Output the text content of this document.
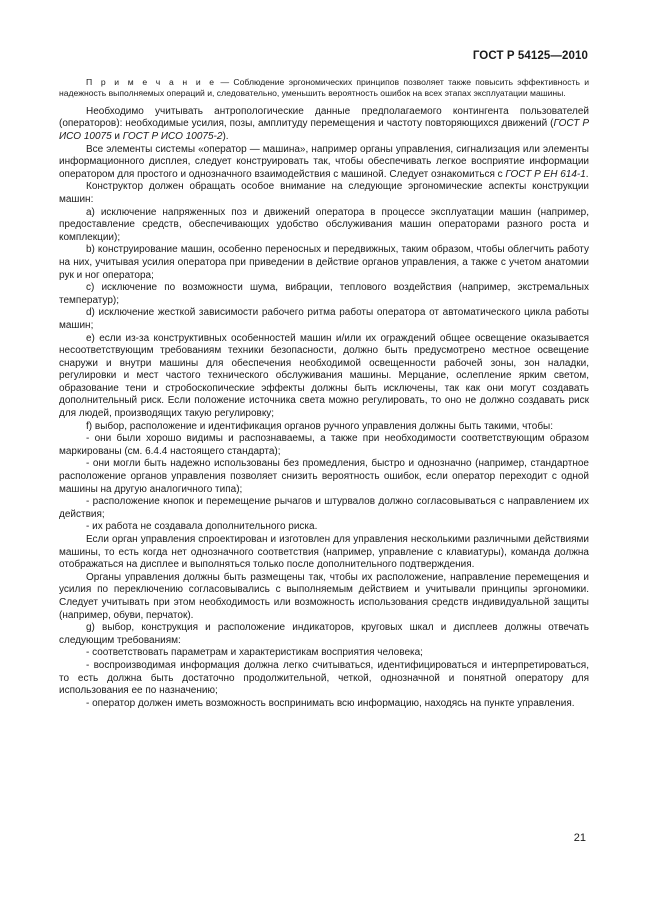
ГОСТ Р 54125—2010

П р и м е ч а н и е — Соблюдение эргономических принципов позволяет также повысить эффективность и надежность выполняемых операций и, следовательно, уменьшить вероятность ошибок на всех этапах эксплуатации машины.

Необходимо учитывать антропологические данные предполагаемого контингента пользователей (операторов): необходимые усилия, позы, амплитуду перемещения и частоту повторяющихся движений (ГОСТ Р ИСО 10075 и ГОСТ Р ИСО 10075-2).

Все элементы системы «оператор — машина», например органы управления, сигнализация или элементы информационного дисплея, следует конструировать так, чтобы обеспечивать легкое восприятие информации оператором для простого и однозначного взаимодействия с машиной. Следует ознакомиться с ГОСТ Р ЕН 614-1.

Конструктор должен обращать особое внимание на следующие эргономические аспекты конструкции машин:

a) исключение напряженных поз и движений оператора в процессе эксплуатации машин (например, предоставление средств, обеспечивающих удобство обслуживания машин операторами разного роста и комплекции);

b) конструирование машин, особенно переносных и передвижных, таким образом, чтобы облегчить работу на них, учитывая усилия оператора при приведении в действие органов управления, а также с учетом анатомии рук и ног оператора;

c) исключение по возможности шума, вибрации, теплового воздействия (например, экстремальных температур);

d) исключение жесткой зависимости рабочего ритма работы оператора от автоматического цикла работы машин;

e) если из-за конструктивных особенностей машин и/или их ограждений общее освещение оказывается несоответствующим требованиям техники безопасности, должно быть предусмотрено местное освещение снаружи и внутри машины для обеспечения необходимой освещенности рабочей зоны, зон наладки, регулировки и мест частого технического обслуживания машины. Мерцание, ослепление ярким светом, образование тени и стробоскопические эффекты должны быть исключены, так как они могут создавать дополнительный риск. Если положение источника света можно регулировать, то оно не должно создавать риск для людей, производящих такую регулировку;

f) выбор, расположение и идентификация органов ручного управления должны быть такими, чтобы:

- они были хорошо видимы и распознаваемы, а также при необходимости соответствующим образом маркированы (см. 6.4.4 настоящего стандарта);

- они могли быть надежно использованы без промедления, быстро и однозначно (например, стандартное расположение органов управления позволяет снизить вероятность ошибок, если оператор переходит с одной машины на другую аналогичного типа);

- расположение кнопок и перемещение рычагов и штурвалов должно согласовываться с направлением их действия;

- их работа не создавала дополнительного риска.

Если орган управления спроектирован и изготовлен для управления несколькими различными действиями машины, то есть когда нет однозначного соответствия (например, управление с клавиатуры), команда должна отображаться на дисплее и выполняться только после дополнительного подтверждения.

Органы управления должны быть размещены так, чтобы их расположение, направление перемещения и усилия по переключению согласовывались с выполняемым действием и учитывали принципы эргономики. Следует учитывать при этом необходимость или возможность использования средств индивидуальной защиты (например, обуви, перчаток).

g) выбор, конструкция и расположение индикаторов, круговых шкал и дисплеев должны отвечать следующим требованиям:

- соответствовать параметрам и характеристикам восприятия человека;

- воспроизводимая информация должна легко считываться, идентифицироваться и интерпретироваться, то есть должна быть достаточно продолжительной, четкой, однозначной и понятной оператору для использования ее по назначению;

- оператор должен иметь возможность воспринимать всю информацию, находясь на пункте управления.

21
